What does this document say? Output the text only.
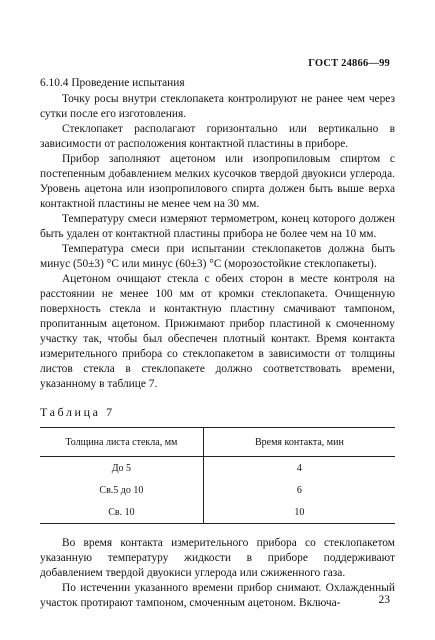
ГОСТ 24866—99

6.10.4 Проведение испытания

Точку росы внутри стеклопакета контролируют не ранее чем через сутки после его изготовления.

Стеклопакет располагают горизонтально или вертикально в зависимости от расположения контактной пластины в приборе.

Прибор заполняют ацетоном или изопропиловым спиртом с постепенным добавлением мелких кусочков твердой двуокиси углерода. Уровень ацетона или изопропилового спирта должен быть выше верха контактной пластины не менее чем на 30 мм.

Температуру смеси измеряют термометром, конец которого должен быть удален от контактной пластины прибора не более чем на 10 мм.

Температура смеси при испытании стеклопакетов должна быть минус (50±3) °С или минус (60±3) °С (морозостойкие стеклопакеты).

Ацетоном очищают стекла с обеих сторон в месте контроля на расстоянии не менее 100 мм от кромки стеклопакета. Очищенную поверхность стекла и контактную пластину смачивают тампоном, пропитанным ацетоном. Прижимают прибор пластиной к смоченному участку так, чтобы был обеспечен плотный контакт. Время контакта измерительного прибора со стеклопакетом в зависимости от толщины листов стекла в стеклопакете должно соответствовать времени, указанному в таблице 7.

Таблица 7
Толщина листа стекла, мм	Время контакта, мин
До 5	4
Св.5 до 10	6
Св. 10	10

Во время контакта измерительного прибора со стеклопакетом указанную температуру жидкости в приборе поддерживают добавлением твердой двуокиси углерода или сжиженного газа.

По истечении указанного времени прибор снимают. Охлажденный участок протирают тампоном, смоченным ацетоном. Включа-	23
